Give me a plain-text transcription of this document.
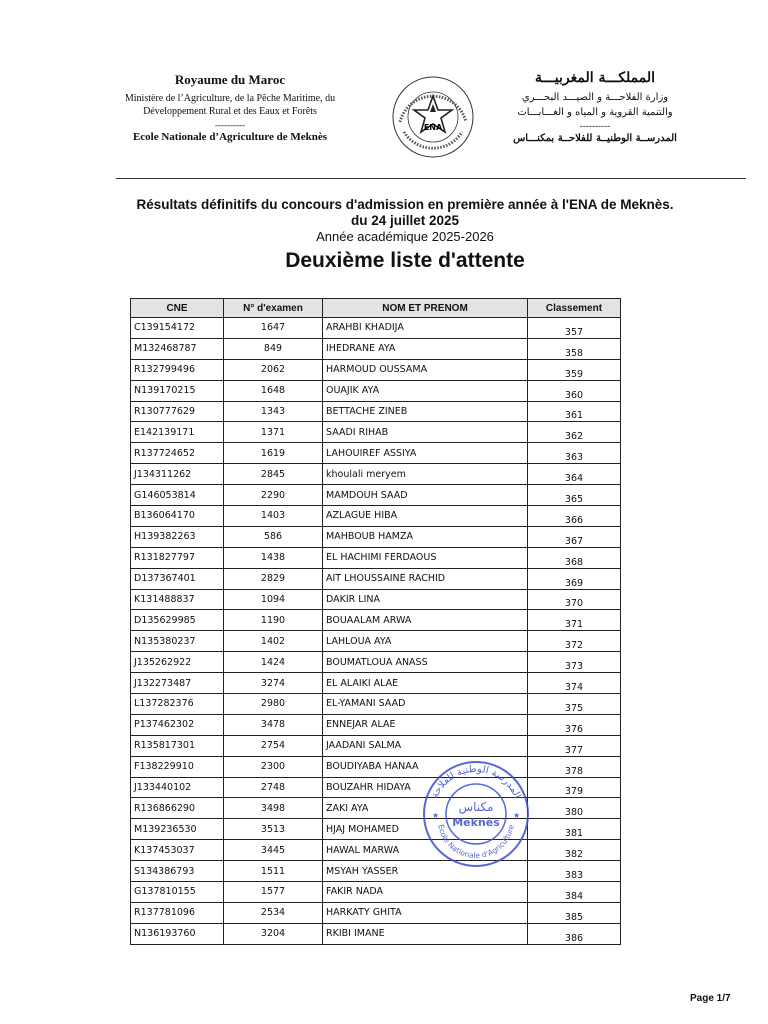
Royaume du Maroc
Ministère de l’Agriculture, de la Pêche Maritime, du
Développement Rural et des Eaux et Forêts
----------
Ecole Nationale d’Agriculture de Meknès
ENA
المملكـــة المغربيـــة
وزارة الفلاحـــة و الصيـــد البحـــري
والتنمية القروية و المياه و الغـــابـــات
----------
المدرســة الوطنيــة للفلاحــة بمكنـــاس
Résultats définitifs du concours d'admission en première année à l'ENA de Meknès.
du 24 juillet 2025
Année académique 2025-2026
Deuxième liste d'attente
CNE	N° d'examen	NOM ET PRENOM	Classement
C139154172	1647	ARAHBI KHADIJA	357
M132468787	849	IHEDRANE AYA	358
R132799496	2062	HARMOUD OUSSAMA	359
N139170215	1648	OUAJIK AYA	360
R130777629	1343	BETTACHE ZINEB	361
E142139171	1371	SAADI RIHAB	362
R137724652	1619	LAHOUIREF ASSIYA	363
J134311262	2845	khoulali meryem	364
G146053814	2290	MAMDOUH SAAD	365
B136064170	1403	AZLAGUE HIBA	366
H139382263	586	MAHBOUB HAMZA	367
R131827797	1438	EL HACHIMI FERDAOUS	368
D137367401	2829	AIT LHOUSSAINE RACHID	369
K131488837	1094	DAKIR LINA	370
D135629985	1190	BOUAALAM ARWA	371
N135380237	1402	LAHLOUA AYA	372
J135262922	1424	BOUMATLOUA ANASS	373
J132273487	3274	EL ALAIKI ALAE	374
L137282376	2980	EL-YAMANI SAAD	375
P137462302	3478	ENNEJAR ALAE	376
R135817301	2754	JAADANI SALMA	377
F138229910	2300	BOUDIYABA HANAA	378
J133440102	2748	BOUZAHR HIDAYA	379
R136866290	3498	ZAKI AYA	380
M139236530	3513	HJAJ MOHAMED	381
K137453037	3445	HAWAL MARWA	382
S134386793	1511	MSYAH YASSER	383
G137810155	1577	FAKIR NADA	384
R137781096	2534	HARKATY GHITA	385
N136193760	3204	RKIBI IMANE	386
المدرسة الوطنية للفلاحة
Ecole Nationale d'Agriculture
مكناس
Meknès
★	★
Page 1/7
